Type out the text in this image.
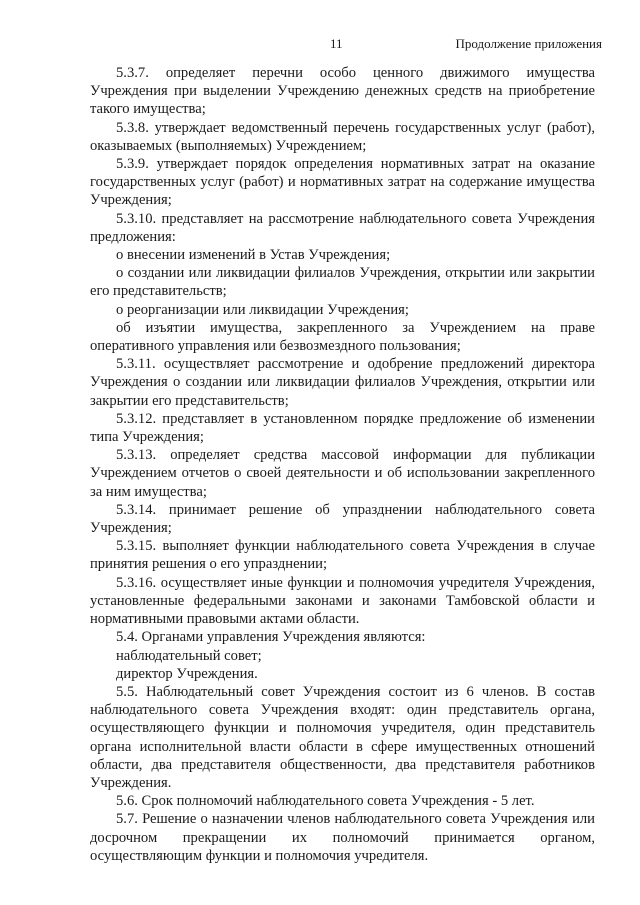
11	Продолжение приложения

5.3.7. определяет перечни особо ценного движимого имущества Учреждения при выделении Учреждению денежных средств на приобретение такого имущества;

5.3.8. утверждает ведомственный перечень государственных услуг (работ), оказываемых (выполняемых) Учреждением;

5.3.9. утверждает порядок определения нормативных затрат на оказание государственных услуг (работ) и нормативных затрат на содержание имущества Учреждения;

5.3.10. представляет на рассмотрение наблюдательного совета Учреждения предложения:

о внесении изменений в Устав Учреждения;

о создании или ликвидации филиалов Учреждения, открытии или закрытии его представительств;

о реорганизации или ликвидации Учреждения;

об изъятии имущества, закрепленного за Учреждением на праве оперативного управления или безвозмездного пользования;

5.3.11. осуществляет рассмотрение и одобрение предложений директора Учреждения о создании или ликвидации филиалов Учреждения, открытии или закрытии его представительств;

5.3.12. представляет в установленном порядке предложение об изменении типа Учреждения;

5.3.13. определяет средства массовой информации для публикации Учреждением отчетов о своей деятельности и об использовании закрепленного за ним имущества;

5.3.14. принимает решение об упразднении наблюдательного совета Учреждения;

5.3.15. выполняет функции наблюдательного совета Учреждения в случае принятия решения о его упразднении;

5.3.16. осуществляет иные функции и полномочия учредителя Учреждения, установленные федеральными законами и законами Тамбовской области и нормативными правовыми актами области.

5.4. Органами управления Учреждения являются:

наблюдательный совет;

директор Учреждения.

5.5. Наблюдательный совет Учреждения состоит из 6 членов. В состав наблюдательного совета Учреждения входят: один представитель органа, осуществляющего функции и полномочия учредителя, один представитель органа исполнительной власти области в сфере имущественных отношений области, два представителя общественности, два представителя работников Учреждения.

5.6. Срок полномочий наблюдательного совета Учреждения - 5 лет.

5.7. Решение о назначении членов наблюдательного совета Учреждения или досрочном прекращении их полномочий принимается органом, осуществляющим функции и полномочия учредителя.
